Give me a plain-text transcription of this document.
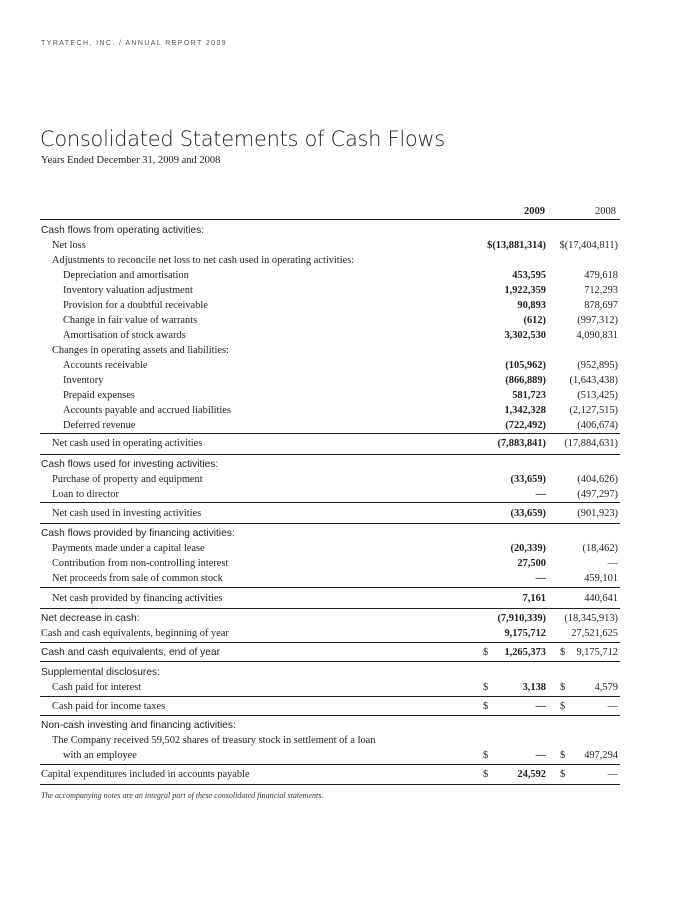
TYRATECH, INC. / ANNUAL REPORT 2009
Consolidated Statements of Cash Flows
Years Ended December 31, 2009 and 2008
2009	2008
Cash flows from operating activities:
Net loss	$(13,881,314)	$(17,404,811)
Adjustments to reconcile net loss to net cash used in operating activities:
Depreciation and amortisation	453,595	479,618
Inventory valuation adjustment	1,922,359	712,293
Provision for a doubtful receivable	90,893	878,697
Change in fair value of warrants	(612)	(997,312)
Amortisation of stock awards	3,302,530	4,090,831
Changes in operating assets and liabilities:
Accounts receivable	(105,962)	(952,895)
Inventory	(866,889)	(1,643,438)
Prepaid expenses	581,723	(513,425)
Accounts payable and accrued liabilities	1,342,328	(2,127,515)
Deferred revenue	(722,492)	(406,674)
Net cash used in operating activities	(7,883,841)	(17,884,631)
Cash flows used for investing activities:
Purchase of property and equipment	(33,659)	(404,626)
Loan to director	—	(497,297)
Net cash used in investing activities	(33,659)	(901,923)
Cash flows provided by financing activities:
Payments made under a capital lease	(20,339)	(18,462)
Contribution from non-controlling interest	27,500	—
Net proceeds from sale of common stock	—	459,101
Net cash provided by financing activities	7,161	440,641
Net decrease in cash:	(7,910,339)	(18,345,913)
Cash and cash equivalents, beginning of year	9,175,712	27,521,625
Cash and cash equivalents, end of year	$	1,265,373 $	9,175,712
Supplemental disclosures:
Cash paid for interest	$	3,138 $	4,579
Cash paid for income taxes	$	— $	—
Non-cash investing and financing activities:
The Company received 59,502 shares of treasury stock in settlement of a loan
with an employee	$	— $	497,294
Capital expenditures included in accounts payable	$	24,592 $	—
The accompanying notes are an integral part of these consolidated financial statements.
